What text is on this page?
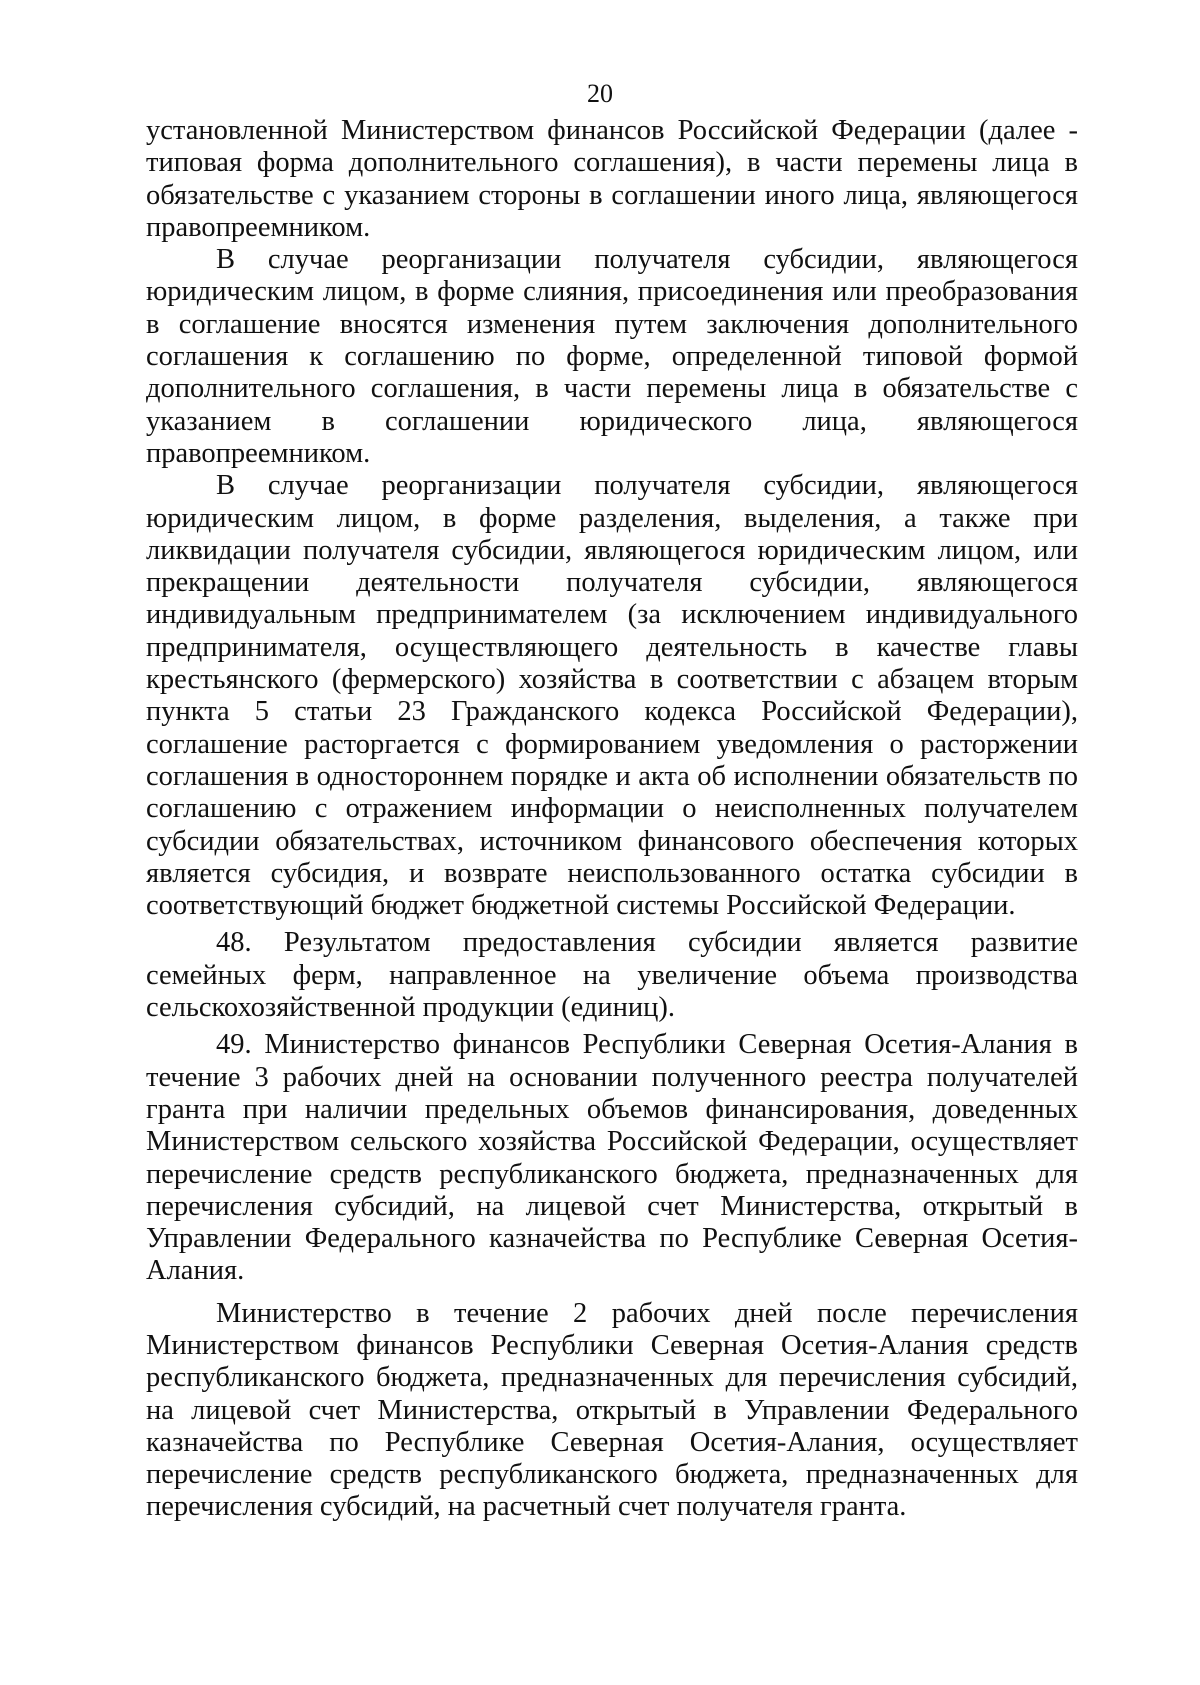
20

установленной Министерством финансов Российской Федерации (далее - типовая форма дополнительного соглашения), в части перемены лица в обязательстве с указанием стороны в соглашении иного лица, являющегося правопреемником.

В случае реорганизации получателя субсидии, являющегося юридическим лицом, в форме слияния, присоединения или преобразования в соглашение вносятся изменения путем заключения дополнительного соглашения к соглашению по форме, определенной типовой формой дополнительного соглашения, в части перемены лица в обязательстве с указанием в соглашении юридического лица, являющегося правопреемником.

В случае реорганизации получателя субсидии, являющегося юридическим лицом, в форме разделения, выделения, а также при ликвидации получателя субсидии, являющегося юридическим лицом, или прекращении деятельности получателя субсидии, являющегося индивидуальным предпринимателем (за исключением индивидуального предпринимателя, осуществляющего деятельность в качестве главы крестьянского (фермерского) хозяйства в соответствии с абзацем вторым пункта 5 статьи 23 Гражданского кодекса Российской Федерации), соглашение расторгается с формированием уведомления о расторжении соглашения в одностороннем порядке и акта об исполнении обязательств по соглашению с отражением информации о неисполненных получателем субсидии обязательствах, источником финансового обеспечения которых является субсидия, и возврате неиспользованного остатка субсидии в соответствующий бюджет бюджетной системы Российской Федерации.

48. Результатом предоставления субсидии является развитие семейных ферм, направленное на увеличение объема производства сельскохозяйственной продукции (единиц).

49. Министерство финансов Республики Северная Осетия-Алания в течение 3 рабочих дней на основании полученного реестра получателей гранта при наличии предельных объемов финансирования, доведенных Министерством сельского хозяйства Российской Федерации, осуществляет перечисление средств республиканского бюджета, предназначенных для перечисления субсидий, на лицевой счет Министерства, открытый в Управлении Федерального казначейства по Республике Северная Осетия-Алания.

Министерство в течение 2 рабочих дней после перечисления Министерством финансов Республики Северная Осетия-Алания средств республиканского бюджета, предназначенных для перечисления субсидий, на лицевой счет Министерства, открытый в Управлении Федерального казначейства по Республике Северная Осетия-Алания, осуществляет перечисление средств республиканского бюджета, предназначенных для перечисления субсидий, на расчетный счет получателя гранта.
